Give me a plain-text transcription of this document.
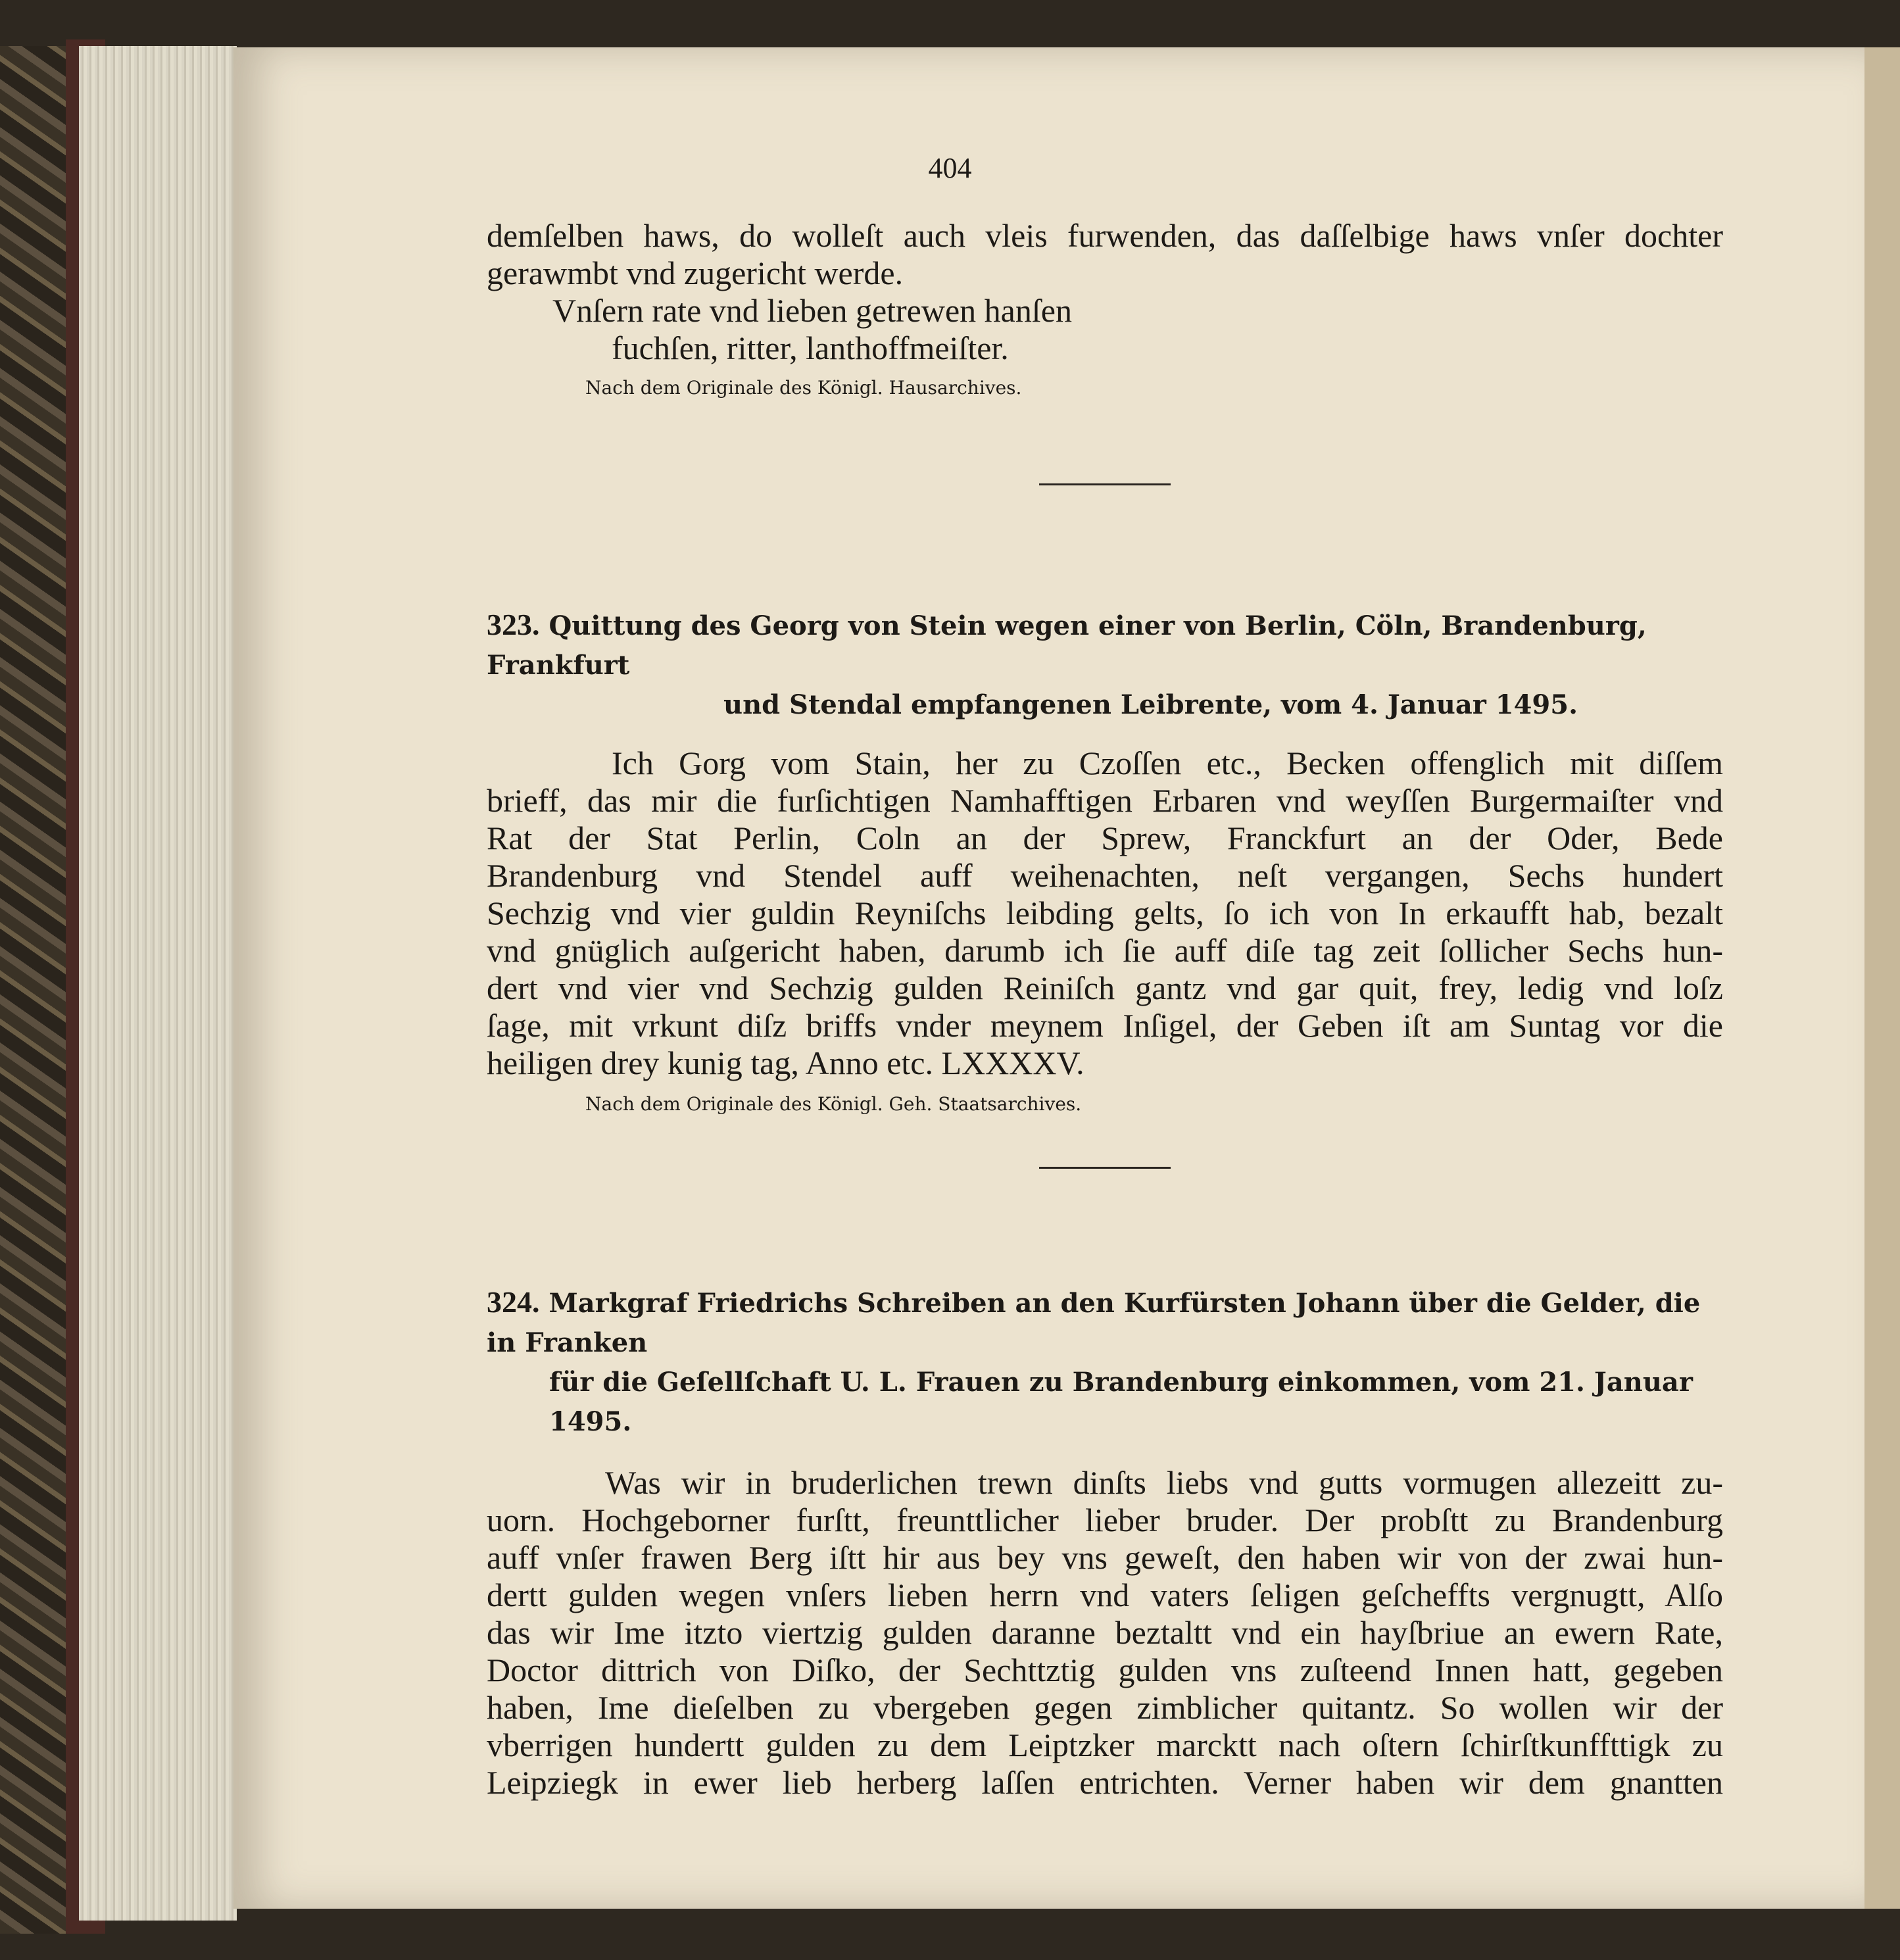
404
demſelben haws, do wolleſt auch vleis furwenden, das daſſelbige haws vnſer dochter
gerawmbt vnd zugericht werde.
Vnſern rate vnd lieben getrewen hanſen
fuchſen, ritter, lanthoffmeiſter.
Nach dem Originale des Königl. Hausarchives.
323. Quittung des Georg von Stein wegen einer von Berlin, Cöln, Brandenburg, Frankfurt
und Stendal empfangenen Leibrente, vom 4. Januar 1495.
Ich Gorg vom Stain, her zu Czoſſen etc., Becken offenglich mit diſſem
brieff, das mir die furſichtigen Namhafftigen Erbaren vnd weyſſen Burgermaiſter vnd
Rat der Stat Perlin, Coln an der Sprew, Franckfurt an der Oder, Bede
Brandenburg vnd Stendel auff weihenachten, neſt vergangen, Sechs hundert
Sechzig vnd vier guldin Reyniſchs leibding gelts, ſo ich von In erkaufft hab, bezalt
vnd gnüglich auſgericht haben, darumb ich ſie auff diſe tag zeit ſollicher Sechs hun-
dert vnd vier vnd Sechzig gulden Reiniſch gantz vnd gar quit, frey, ledig vnd loſz
ſage, mit vrkunt diſz briffs vnder meynem Inſigel, der Geben iſt am Suntag vor die
heiligen drey kunig tag, Anno etc. LXXXXV.
Nach dem Originale des Königl. Geh. Staatsarchives.
324. Markgraf Friedrichs Schreiben an den Kurfürsten Johann über die Gelder, die in Franken
für die Geſellſchaft U. L. Frauen zu Brandenburg einkommen, vom 21. Januar 1495.
Was wir in bruderlichen trewn dinſts liebs vnd gutts vormugen allezeitt zu-
uorn. Hochgeborner furſtt, freunttlicher lieber bruder. Der probſtt zu Brandenburg
auff vnſer frawen Berg iſtt hir aus bey vns geweſt, den haben wir von der zwai hun-
dertt gulden wegen vnſers lieben herrn vnd vaters ſeligen geſcheffts vergnugtt, Alſo
das wir Ime itzto viertzig gulden daranne beztaltt vnd ein hayſbriue an ewern Rate,
Doctor dittrich von Diſko, der Sechttztig gulden vns zuſteend Innen hatt, gegeben
haben, Ime dieſelben zu vbergeben gegen zimblicher quitantz. So wollen wir der
vberrigen hundertt gulden zu dem Leiptzker marcktt nach oſtern ſchirſtkunffttigk zu
Leipziegk in ewer lieb herberg laſſen entrichten. Verner haben wir dem gnantten
